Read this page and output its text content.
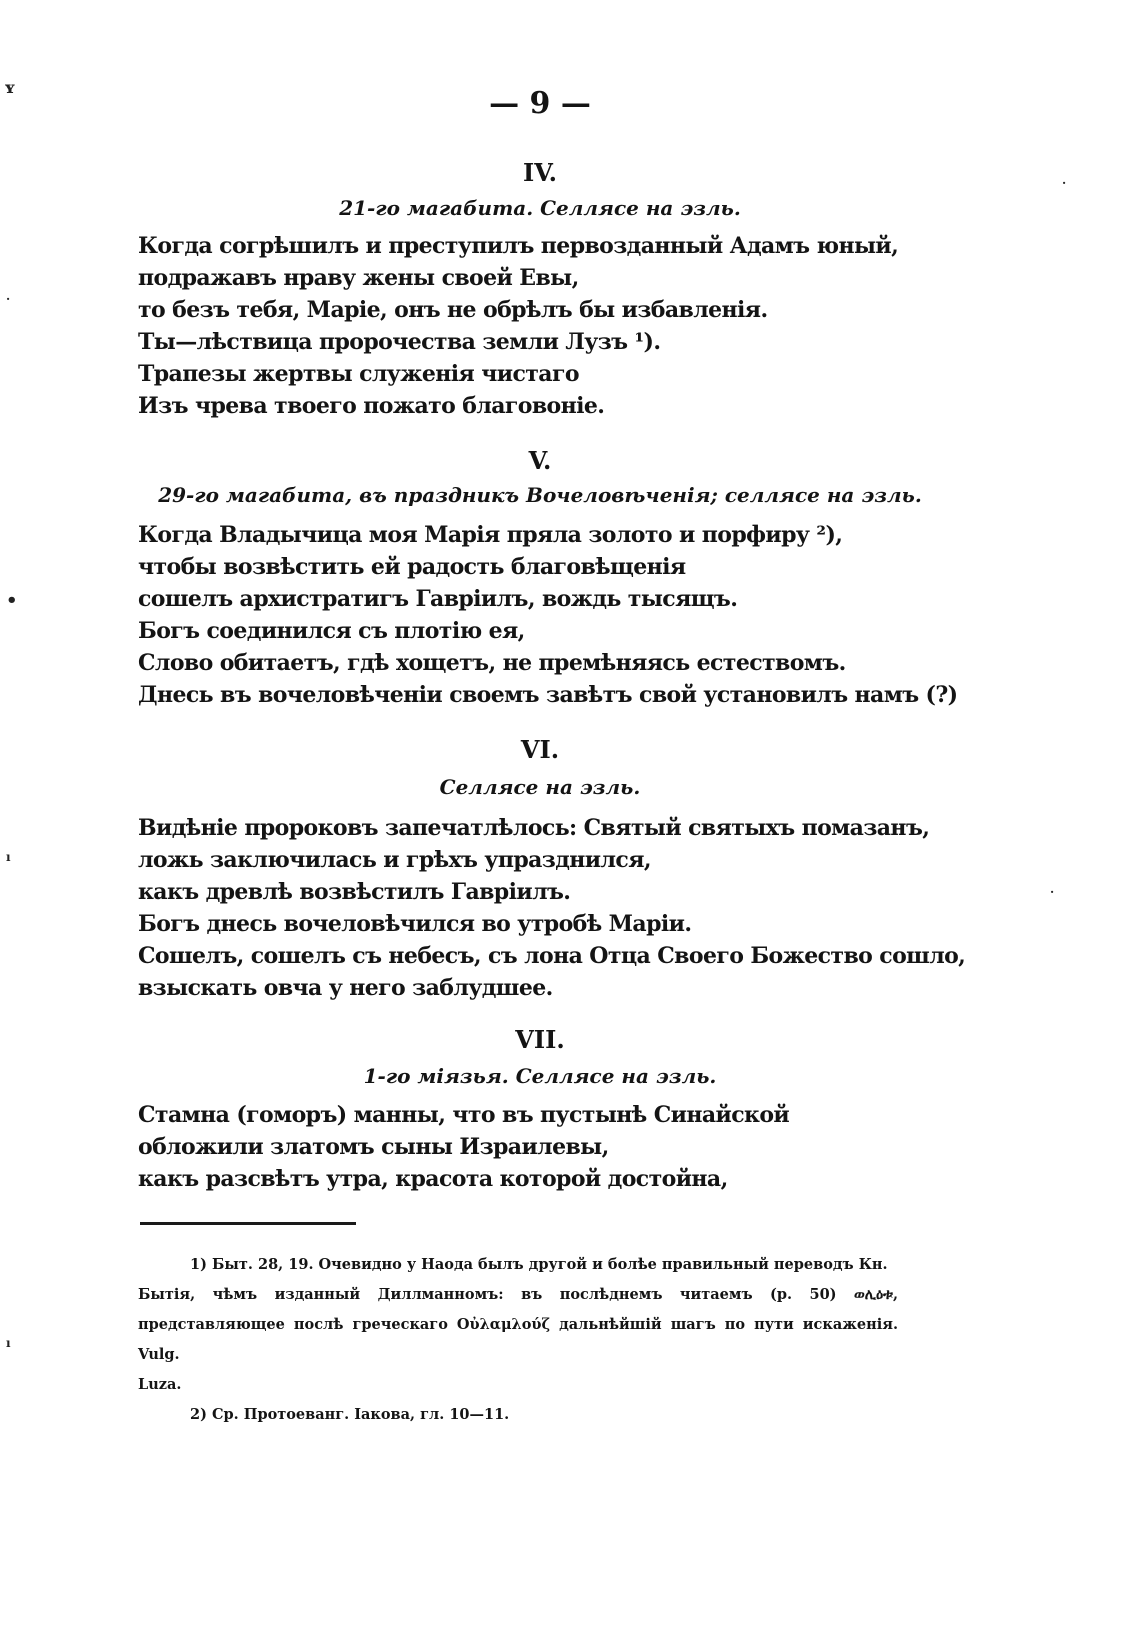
— 9 —
IV.
21-го магабита. Селлясе на эзль.
Когда согрѣшилъ и преступилъ первозданный Адамъ юный,
подражавъ нраву жены своей Евы,
то безъ тебя, Маріе, онъ не обрѣлъ бы избавленія.
Ты—лѣствица пророчества земли Лузъ ¹).
Трапезы жертвы служенія чистаго
Изъ чрева твоего пожато благовоніе.
V.
29-го магабита, въ праздникъ Вочеловѣченія; селлясе на эзль.
Когда Владычица моя Марія пряла золото и порфиру ²),
чтобы возвѣстить ей радость благовѣщенія
сошелъ архистратигъ Гавріилъ, вождь тысящъ.
Богъ соединился съ плотію ея,
Слово обитаетъ, гдѣ хощетъ, не премѣняясь естествомъ.
Днесь въ вочеловѣченіи своемъ завѣтъ свой установилъ намъ (?)
VI.
Селлясе на эзль.
Видѣніе пророковъ запечатлѣлось: Святый святыхъ помазанъ,
ложь заключилась и грѣхъ упразднился,
какъ древлѣ возвѣстилъ Гавріилъ.
Богъ днесь вочеловѣчился во утробѣ Маріи.
Сошелъ, сошелъ съ небесъ, съ лона Отца Своего Божество сошло,
взыскать овча у него заблудшее.
VII.
1-го міязья. Селлясе на эзль.
Стамна (гоморъ) манны, что въ пустынѣ Синайской
обложили златомъ сыны Израилевы,
какъ разсвѣтъ утра, красота которой достойна,

1) Быт. 28, 19. Очевидно у Наода былъ другой и болѣе правильный переводъ Кн.

Бытія, чѣмъ изданный Диллманномъ: въ послѣднемъ читаемъ (р. 50) ወሊዕቱ,

представляющее послѣ греческаго Οὐλαμλούζ дальнѣйшій шагъ по пути искаженія. Vulg.

Luza.

2) Ср. Протоеванг. Іакова, гл. 10—11.

ʏ
·
•
ı
ı
·
·
